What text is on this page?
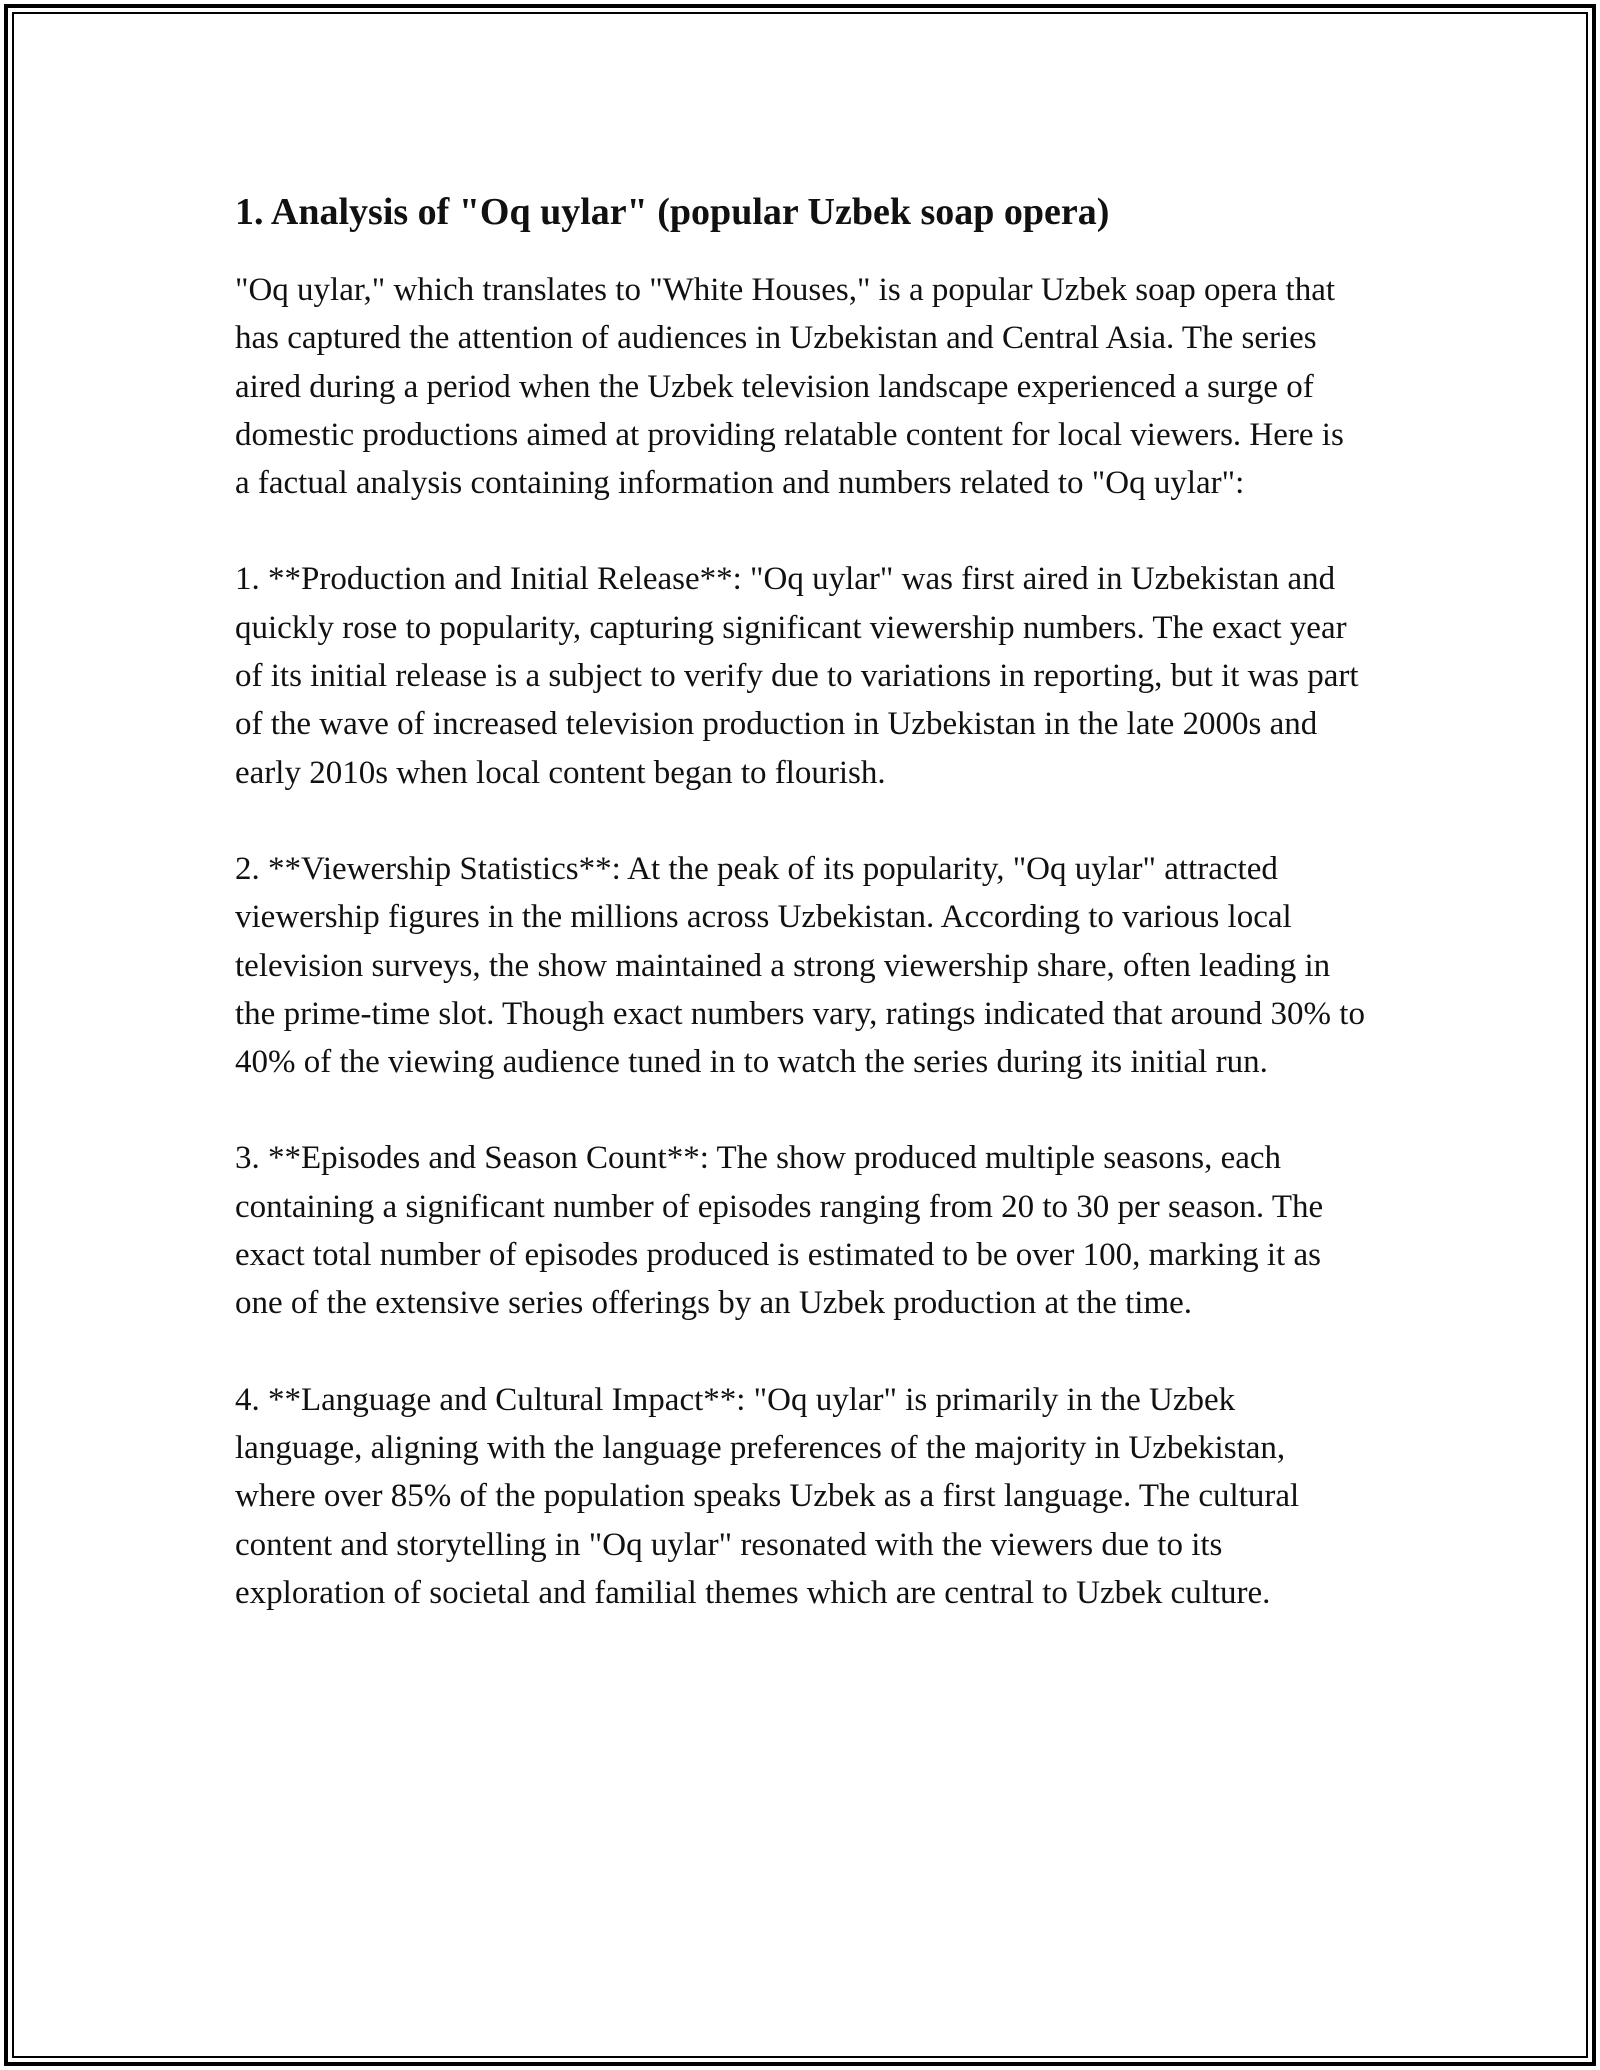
1. Analysis of "Oq uylar" (popular Uzbek soap opera)

"Oq uylar," which translates to "White Houses," is a popular Uzbek soap opera that has captured the attention of audiences in Uzbekistan and Central Asia. The series aired during a period when the Uzbek television landscape experienced a surge of domestic productions aimed at providing relatable content for local viewers. Here is a factual analysis containing information and numbers related to "Oq uylar":

1. **Production and Initial Release**: "Oq uylar" was first aired in Uzbekistan and quickly rose to popularity, capturing significant viewership numbers. The exact year of its initial release is a subject to verify due to variations in reporting, but it was part of the wave of increased television production in Uzbekistan in the late 2000s and early 2010s when local content began to flourish.

2. **Viewership Statistics**: At the peak of its popularity, "Oq uylar" attracted viewership figures in the millions across Uzbekistan. According to various local television surveys, the show maintained a strong viewership share, often leading in the prime-time slot. Though exact numbers vary, ratings indicated that around 30% to 40% of the viewing audience tuned in to watch the series during its initial run.

3. **Episodes and Season Count**: The show produced multiple seasons, each containing a significant number of episodes ranging from 20 to 30 per season. The exact total number of episodes produced is estimated to be over 100, marking it as one of the extensive series offerings by an Uzbek production at the time.

4. **Language and Cultural Impact**: "Oq uylar" is primarily in the Uzbek language, aligning with the language preferences of the majority in Uzbekistan, where over 85% of the population speaks Uzbek as a first language. The cultural content and storytelling in "Oq uylar" resonated with the viewers due to its exploration of societal and familial themes which are central to Uzbek culture.
